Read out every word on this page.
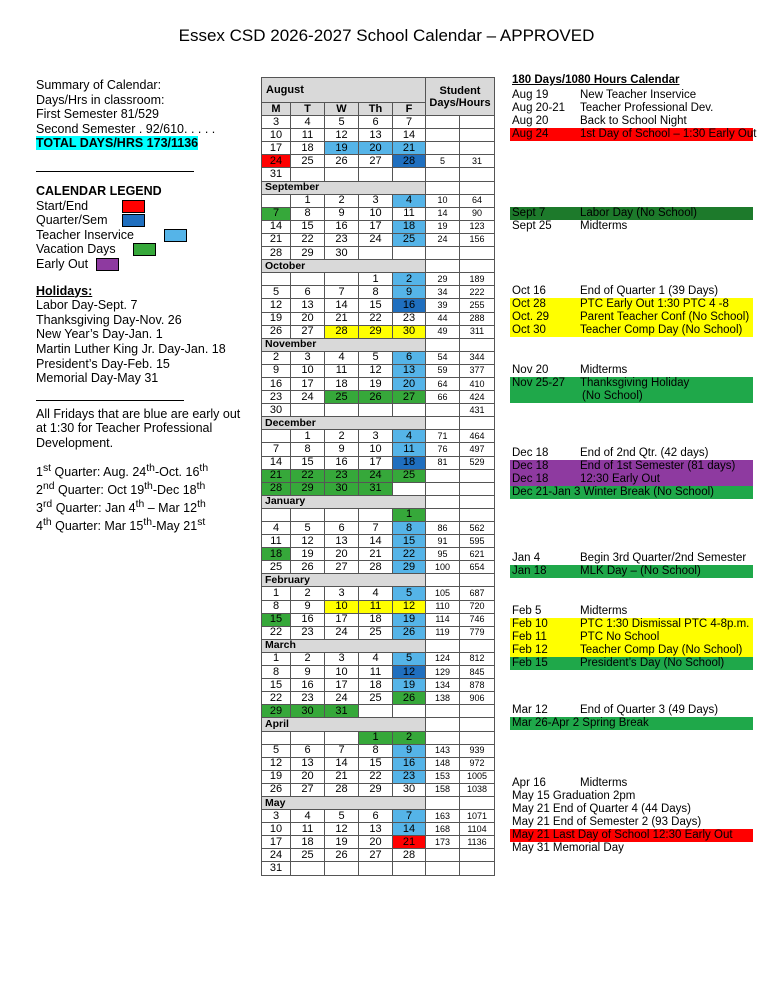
Essex CSD 2026-2027 School Calendar – APPROVED
Summary of Calendar:
Days/Hrs in classroom:
First Semester 81/529
Second Semester . 92/610. . . . .
TOTAL DAYS/HRS 173/1136
CALENDAR LEGEND
Start/End
Quarter/Sem
Teacher Inservice
Vacation Days
Early Out
Holidays:
Labor Day-Sept. 7
Thanksgiving Day-Nov. 26
New Year’s Day-Jan. 1
Martin Luther King Jr. Day-Jan. 18
President’s Day-Feb. 15
Memorial Day-May 31
All Fridays that are blue are early out
at 1:30 for Teacher Professional
Development.
1st Quarter: Aug. 24th-Oct. 16th
2nd Quarter: Oct 19th-Dec 18th
3rd Quarter: Jan 4th – Mar 12th
4th Quarter: Mar 15th-May 21st
August					Student Days/Hours	
M	T	W	Th	F		
3	4	5	6	7		
10	11	12	13	14		
17	18	19	20	21		
24	25	26	27	28	5	31
31						
September						
	1	2	3	4	10	64
7	8	9	10	11	14	90
14	15	16	17	18	19	123
21	22	23	24	25	24	156
28	29	30				
October						
			1	2	29	189
5	6	7	8	9	34	222
12	13	14	15	16	39	255
19	20	21	22	23	44	288
26	27	28	29	30	49	311
November						
2	3	4	5	6	54	344
9	10	11	12	13	59	377
16	17	18	19	20	64	410
23	24	25	26	27	66	424
30						431
December						
	1	2	3	4	71	464
7	8	9	10	11	76	497
14	15	16	17	18	81	529
21	22	23	24	25		
28	29	30	31			
January						
				1		
4	5	6	7	8	86	562
11	12	13	14	15	91	595
18	19	20	21	22	95	621
25	26	27	28	29	100	654
February						
1	2	3	4	5	105	687
8	9	10	11	12	110	720
15	16	17	18	19	114	746
22	23	24	25	26	119	779
March						
1	2	3	4	5	124	812
8	9	10	11	12	129	845
15	16	17	18	19	134	878
22	23	24	25	26	138	906
29	30	31				
April						
			1	2		
5	6	7	8	9	143	939
12	13	14	15	16	148	972
19	20	21	22	23	153	1005
26	27	28	29	30	158	1038
May						
3	4	5	6	7	163	1071
10	11	12	13	14	168	1104
17	18	19	20	21	173	1136
24	25	26	27	28		
31						
180 Days/1080 Hours Calendar
Aug 19	New Teacher Inservice
Aug 20-21 Teacher Professional Dev.
Aug 20	Back to School Night
Aug 24	1st Day of School – 1:30 Early Out
Sept 7	Labor Day (No School)
Sept 25 Midterms
Oct 16	End of Quarter 1 (39 Days)
Oct 28	PTC Early Out 1:30 PTC 4 -8
Oct. 29	Parent Teacher Conf (No School)
Oct 30	Teacher Comp Day (No School)
Nov 20	Midterms
Nov 25-27 Thanksgiving Holiday
(No School)
Dec 18	End of 2nd Qtr. (42 days)
Dec 18	End of 1st Semester (81 days)
Dec 18	12:30 Early Out
Dec 21-Jan 3 Winter Break (No School)
Jan 4	Begin 3rd Quarter/2nd Semester
Jan 18	MLK Day – (No School)
Feb 5	Midterms
Feb 10	PTC 1:30 Dismissal PTC 4-8p.m.
Feb 11	PTC No School
Feb 12	Teacher Comp Day (No School)
Feb 15	President’s Day (No School)
Mar 12	End of Quarter 3 (49 Days)
Mar 26-Apr 2 Spring Break
Apr 16	Midterms
May 15 Graduation 2pm
May 21 End of Quarter 4 (44 Days)
May 21 End of Semester 2 (93 Days)
May 21 Last Day of School 12:30 Early Out
May 31 Memorial Day
